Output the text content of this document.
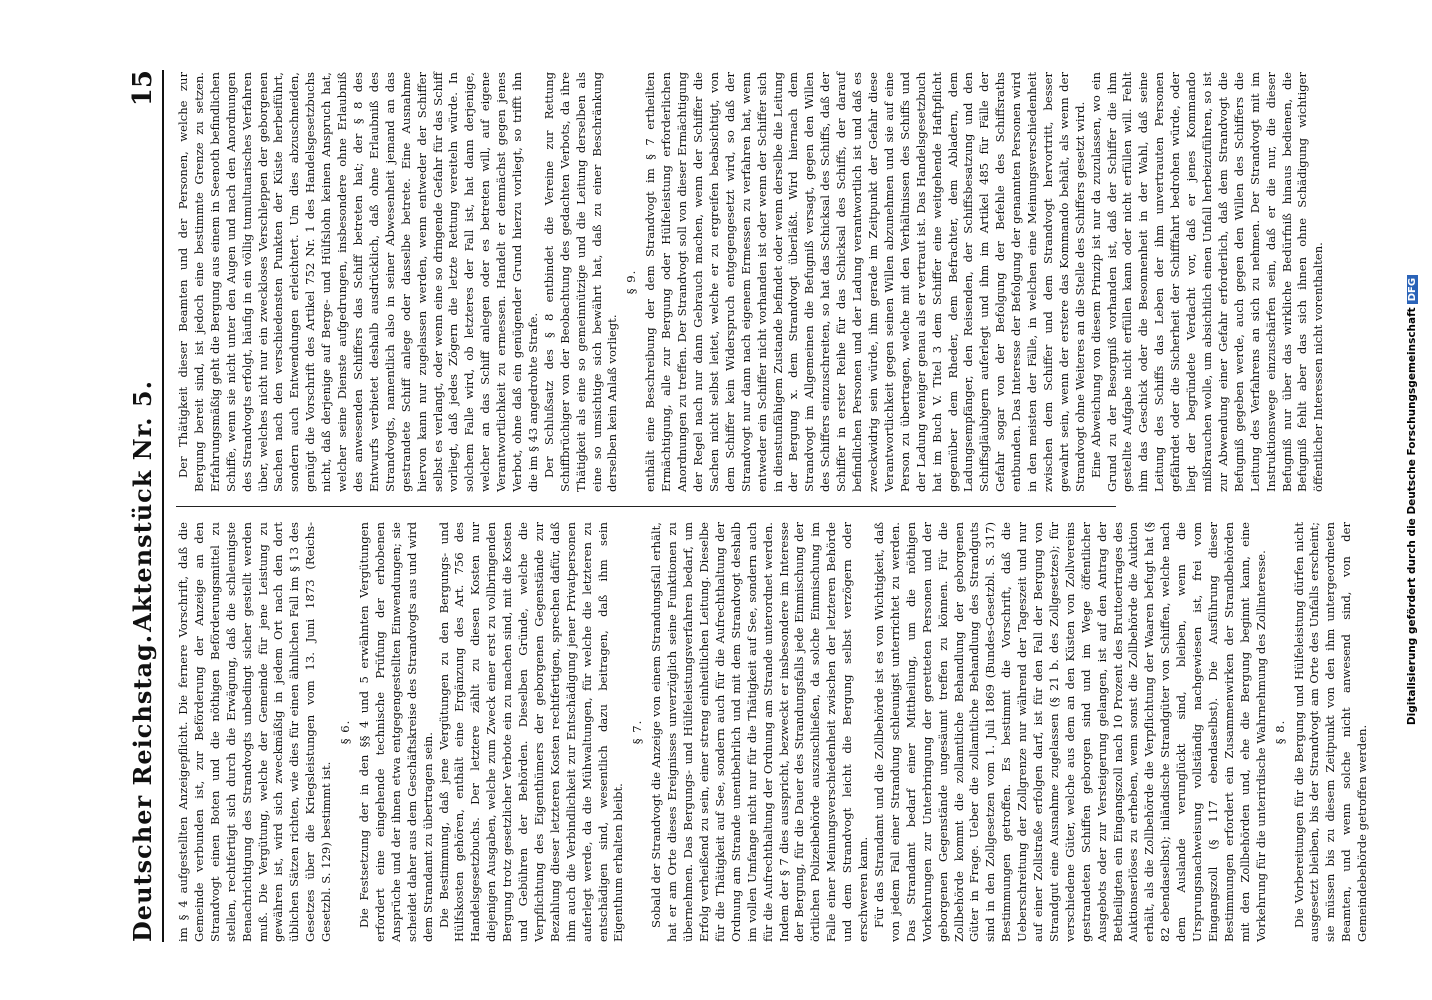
Deutscher Reichstag.
Aktenstück Nr. 5.
15

im § 4 aufgestellten Anzeigepflicht. Die fernere Vorschrift, daß die Gemeinde verbunden ist, zur Beförderung der Anzeige an den Strandvogt einen Boten und die nöthigen Beförderungsmittel zu stellen, rechtfertigt sich durch die Erwägung, daß die schleunigste Benachrichtigung des Strandvogts unbedingt sicher gestellt werden muß. Die Vergütung, welche der Gemeinde für jene Leistung zu gewähren ist, wird sich zweckmäßig in jedem Ort nach den dort üblichen Sätzen richten, wie dies für einen ähnlichen Fall im § 13 des Gesetzes über die Kriegsleistungen vom 13. Juni 1873 (Reichs-Gesetzbl. S. 129) bestimmt ist.

§ 6. Die Festsetzung der in den §§ 4 und 5 erwähnten Vergütungen erfordert eine eingehende technische Prüfung der erhobenen Ansprüche und der ihnen etwa entgegengestellten Einwendungen; sie scheidet daher aus dem Geschäftskreise des Strandvogts aus und wird dem Strandamt zu übertragen sein. Die Bestimmung, daß jene Vergütungen zu den Bergungs- und Hülfskosten gehören, enthält eine Ergänzung des Art. 756 des Handelsgesetzbuchs. Der letztere zählt zu diesen Kosten nur diejenigen Ausgaben, welche zum Zweck einer erst zu vollbringenden Bergung trotz gesetzlicher Verbote ein zu machen sind, mit die Kosten und Gebühren der Behörden. Dieselben Gründe, welche die Verpflichtung des Eigenthümers der geborgenen Gegenstände zur Bezahlung dieser letzteren Kosten rechtfertigen, sprechen dafür, daß ihm auch die Verbindlichkeit zur Entschädigung jener Privatpersonen auferlegt werde, da die Mühwaltungen, für welche die letzteren zu entschädigen sind, wesentlich dazu beitragen, daß ihm sein Eigenthum erhalten bleibt.

§ 7. Sobald der Strandvogt die Anzeige von einem Strandungsfall erhält, hat er am Orte dieses Ereignisses unverzüglich seine Funktionen zu übernehmen. Das Bergungs- und Hülfeleistungsverfahren bedarf, um Erfolg verheißend zu sein, einer streng einheitlichen Leitung. Dieselbe für die Thätigkeit auf See, sondern auch für die Aufrechthaltung der Ordnung am Strande unentbehrlich und mit dem Strandvogt deshalb im vollen Umfange nicht nur für die Thätigkeit auf See, sondern auch für die Aufrechthaltung der Ordnung am Strande unterordnet werden. Indem der § 7 dies ausspricht, bezweckt er insbesondere im Interesse der Bergung, für die Dauer des Strandungsfalls jede Einmischung der örtlichen Polizeibehörde auszuschließen, da solche Einmischung im Falle einer Meinungsverschiedenheit zwischen der letzteren Behörde und dem Strandvogt leicht die Bergung selbst verzögern oder erschweren kann. Für das Strandamt und die Zollbehörde ist es von Wichtigkeit, daß von jedem Fall einer Strandung schleunigst unterrichtet zu werden. Das Strandamt bedarf einer Mittheilung, um die nöthigen Vorkehrungen zur Unterbringung der geretteten Personen und der geborgenen Gegenstände ungesäumt treffen zu können. Für die Zollbehörde kommt die zollamtliche Behandlung der geborgenen Güter in Frage. Ueber die zollamtliche Behandlung des Strandguts sind in den Zollgesetzen vom 1. Juli 1869 (Bundes-Gesetzbl. S. 317) Bestimmungen getroffen. Es bestimmt die Vorschrift, daß die Ueberschreitung der Zollgrenze nur während der Tageszeit und nur auf einer Zollstraße erfolgen darf, ist für den Fall der Bergung von Strandgut eine Ausnahme zugelassen (§ 21 b. des Zollgesetzes); für verschiedene Güter, welche aus dem an den Küsten von Zollvereins gestrandeten Schiffen geborgen sind und im Wege öffentlicher Ausgebots oder zur Versteigerung gelangen, ist auf den Antrag der Betheiligten ein Eingangszoll nach 10 Prozent des Bruttoertrages des Auktionserlöses zu erheben, wenn sonst die Zollbehörde die Auktion erhält, als die Zollbehörde die Verpflichtung der Waaren befugt hat (§ 82 ebendaselbst); inländische Strandgüter von Schiffen, welche nach dem Auslande verunglückt sind, bleiben, wenn die Ursprungsnachweisung vollständig nachgewiesen ist, frei vom Eingangszoll (§ 117 ebendaselbst). Die Ausführung dieser Bestimmungen erfordert ein Zusammenwirken der Strandbehörden mit den Zollbehörden und, ehe die Bergung beginnt kann, eine Vorkehrung für die unterirdische Wahrnehmung des Zollinteresse. § 8. Die Vorbereitungen für die Bergung und Hülfeleistung dürfen nicht ausgesetzt bleiben, bis der Strandvogt am Orte des Unfalls erscheint; sie müssen bis zu diesem Zeitpunkt von den ihm untergeordneten Beamten, und wenn solche nicht anwesend sind, von der Gemeindebehörde getroffen werden.

Der Thätigkeit dieser Beamten und der Personen, welche zur Bergung bereit sind, ist jedoch eine bestimmte Grenze zu setzen. Erfahrungsmäßig geht die Bergung aus einem in Seenoth befindlichen Schiffe, wenn sie nicht unter den Augen und nach den Anordnungen des Strandvogts erfolgt, häufig in ein völlig tumultuarisches Verfahren über, welches nicht nur ein zweckloses Verschleppen der geborgenen Sachen nach den verschiedensten Punkten der Küste herbeiführt, sondern auch Entwendungen erleichtert. Um dies abzuschneiden, genügt die Vorschrift des Artikel 752 Nr. 1 des Handelsgesetzbuchs nicht, daß derjenige auf Berge- und Hülfslohn keinen Anspruch hat, welcher seine Dienste aufgedrungen, insbesondere ohne Erlaubniß des anwesenden Schiffers das Schiff betreten hat; der § 8 des Entwurfs verbietet deshalb ausdrücklich, daß ohne Erlaubniß des Strandvogts, namentlich also in seiner Abwesenheit jemand an das gestrandete Schiff anlege oder dasselbe betrete. Eine Ausnahme hiervon kann nur zugelassen werden, wenn entweder der Schiffer selbst es verlangt, oder wenn eine so dringende Gefahr für das Schiff vorliegt, daß jedes Zögern die letzte Rettung vereiteln würde. In solchem Falle wird, ob letzteres der Fall ist, hat dann derjenige, welcher an das Schiff anlegen oder es betreten will, auf eigene Verantwortlichkeit zu ermessen. Handelt er demnächst gegen jenes Verbot, ohne daß ein genügender Grund hierzu vorliegt, so trifft ihn die im § 43 angedrohte Strafe. Der Schlußsatz des § 8 entbindet die Vereine zur Rettung Schiffbrüchiger von der Beobachtung des gedachten Verbots, da ihre Thätigkeit als eine so gemeinnützige und die Leitung derselben als eine so umsichtige sich bewährt hat, daß zu einer Beschränkung derselben kein Anlaß vorliegt.

§ 9. enthält eine Beschreibung der dem Strandvogt im § 7 ertheilten Ermächtigung, alle zur Bergung oder Hülfeleistung erforderlichen Anordnungen zu treffen. Der Strandvogt soll von dieser Ermächtigung der Regel nach nur dann Gebrauch machen, wenn der Schiffer die Sachen nicht selbst leitet, welche er zu ergreifen beabsichtigt, von dem Schiffer kein Widerspruch entgegengesetzt wird, so daß der Strandvogt nur dann nach eigenem Ermessen zu verfahren hat, wenn entweder ein Schiffer nicht vorhanden ist oder wenn der Schiffer sich in dienstunfähigem Zustande befindet oder wenn derselbe die Leitung der Bergung x. dem Strandvogt überläßt. Wird hiernach dem Strandvogt im Allgemeinen die Befugniß versagt, gegen den Willen des Schiffers einzuschreiten, so hat das Schicksal des Schiffs, daß der Schiffer in erster Reihe für das Schicksal des Schiffs, der darauf befindlichen Personen und der Ladung verantwortlich ist und daß es zweckwidrig sein würde, ihm gerade im Zeitpunkt der Gefahr diese Verantwortlichkeit gegen seinen Willen abzunehmen und sie auf eine Person zu übertragen, welche mit den Verhältnissen des Schiffs und der Ladung weniger genau als er vertraut ist. Das Handelsgesetzbuch hat im Buch V. Titel 3 dem Schiffer eine weitgehende Haftpflicht gegenüber dem Rheder, dem Befrachter, dem Abladern, dem Ladungsempfänger, den Reisenden, der Schiffsbesatzung und den Schiffsgläubigern auferlegt und ihm im Artikel 485 für Fälle der Gefahr sogar von der Befolgung der Befehle des Schiffsraths entbunden. Das Interesse der Befolgung der genannten Personen wird in den meisten der Fälle, in welchen eine Meinungsverschiedenheit zwischen dem Schiffer und dem Strandvogt hervortritt, besser gewahrt sein, wenn der erstere das Kommando behält, als wenn der Strandvogt ohne Weiteres an die Stelle des Schiffers gesetzt wird. Eine Abweichung von diesem Prinzip ist nur da zuzulassen, wo ein Grund zu der Besorgniß vorhanden ist, daß der Schiffer die ihm gestellte Aufgabe nicht erfüllen kann oder nicht erfüllen will. Fehlt ihm das Geschick oder die Besonnenheit in der Wahl, daß seine Leitung des Schiffs das Leben der ihm unvertrauten Personen gefährdet oder die Sicherheit der Schifffahrt bedrohen würde, oder liegt der begründete Verdacht vor, daß er jenes Kommando mißbrauchen wolle, um absichtlich einen Unfall herbeizuführen, so ist zur Abwendung einer Gefahr erforderlich, daß dem Strandvogt die Befugniß gegeben werde, auch gegen den Willen des Schiffers die Leitung des Verfahrens an sich zu nehmen. Der Strandvogt mit im Instruktionswege einzuschärfen sein, daß er die nur, die dieser Befugniß nur über das wirkliche Bedürfniß hinaus bedienen, die Befugniß fehlt aber das sich ihnen ohne Schädigung wichtiger öffentlicher Interessen nicht vorenthalten.	Digitalisierung gefördert durch die Deutsche ForschungsgemeinschaftDFG
